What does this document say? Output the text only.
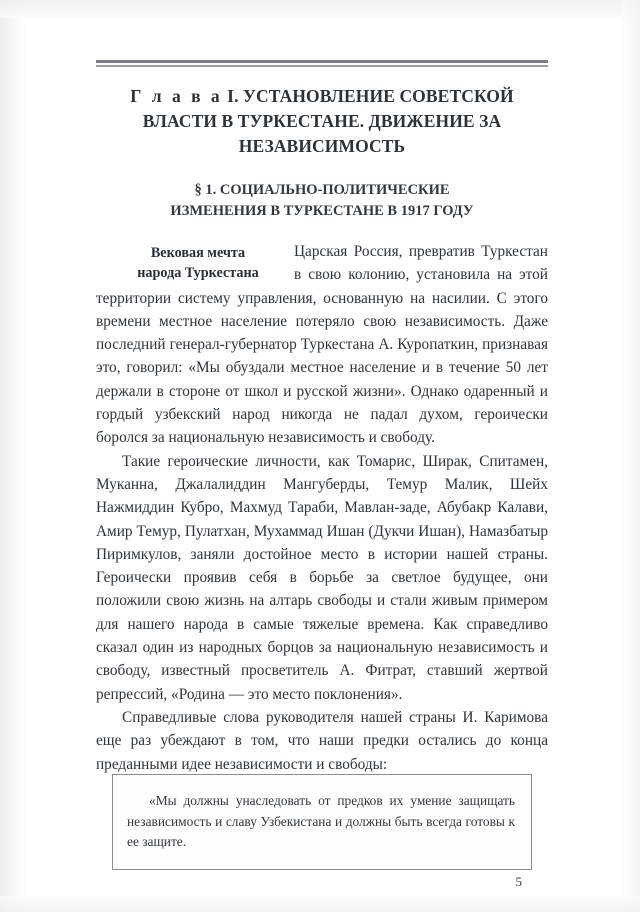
Г л а в а I. УСТАНОВЛЕНИЕ СОВЕТСКОЙ
ВЛАСТИ В ТУРКЕСТАНЕ. ДВИЖЕНИЕ ЗА
НЕЗАВИСИМОСТЬ
§ 1. СОЦИАЛЬНО-ПОЛИТИЧЕСКИЕ
ИЗМЕНЕНИЯ В ТУРКЕСТАНЕ В 1917 ГОДУ
Вековая мечта
народа Туркестана

Царская Россия, превратив Туркестан в свою колонию, установила на этой территории систему управления, основанную на насилии. С этого времени местное население потеряло свою независимость. Даже последний генерал-губернатор Туркестана А. Куропаткин, признавая это, говорил: «Мы обуздали местное население и в течение 50 лет держали в стороне от школ и русской жизни». Однако одаренный и гордый узбекский народ никогда не падал духом, героически боролся за национальную независимость и свободу.

Такие героические личности, как Томарис, Ширак, Спитамен, Муканна, Джалалиддин Мангуберды, Темур Малик, Шейх Нажмиддин Кубро, Махмуд Тараби, Мавлан-заде, Абубакр Калави, Амир Темур, Пулатхан, Мухаммад Ишан (Дукчи Ишан), Намазбатыр Пиримкулов, заняли достойное место в истории нашей страны. Героически проявив себя в борьбе за светлое будущее, они положили свою жизнь на алтарь свободы и стали живым примером для нашего народа в самые тяжелые времена. Как справедливо сказал один из народных борцов за национальную независимость и свободу, известный просветитель А. Фитрат, ставший жертвой репрессий, «Родина — это место поклонения».

Справедливые слова руководителя нашей страны И. Каримова еще раз убеждают в том, что наши предки остались до конца преданными идее независимости и свободы:

«Мы должны унаследовать от предков их умение защищать независимость и славу Узбекистана и должны быть всегда готовы к ее защите.

5
